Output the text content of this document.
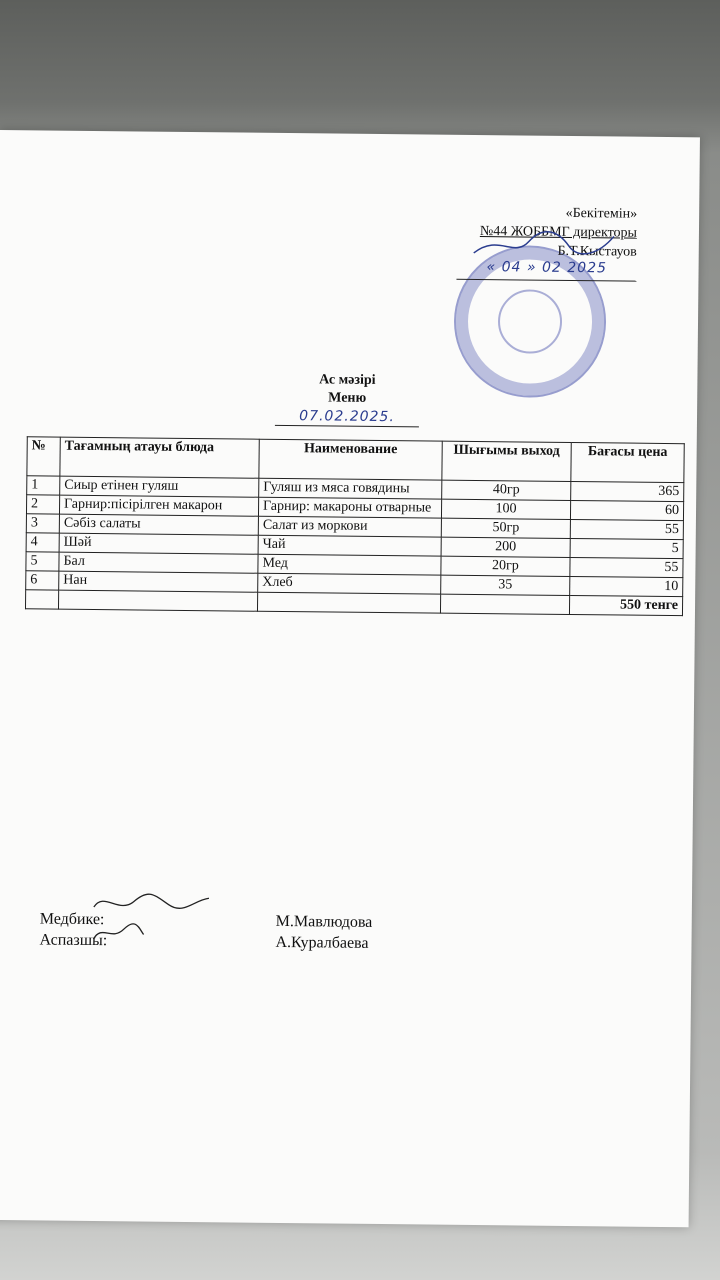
«Бекітемін»
№44 ЖОББМГ директоры
Б.Т.Кыстауов
« 04 » 02 2025
Ас мәзірі
Меню
07.02.2025.
№	Тағамның атауы блюда	Наименование	Шығымы выход	Бағасы цена
1	Сиыр етінен гуляш	Гуляш из мяса говядины	40гр	365
2	Гарнир:пісірілген макарон	Гарнир: макароны отварные	100	60
3	Сәбіз салаты	Салат из моркови	50гр	55
4	Шәй	Чай	200	5
5	Бал	Мед	20гр	55
6	Нан	Хлеб	35	10
				550 тенге
Медбике:	М.Мавлюдова
Аспазшы:	А.Куралбаева
